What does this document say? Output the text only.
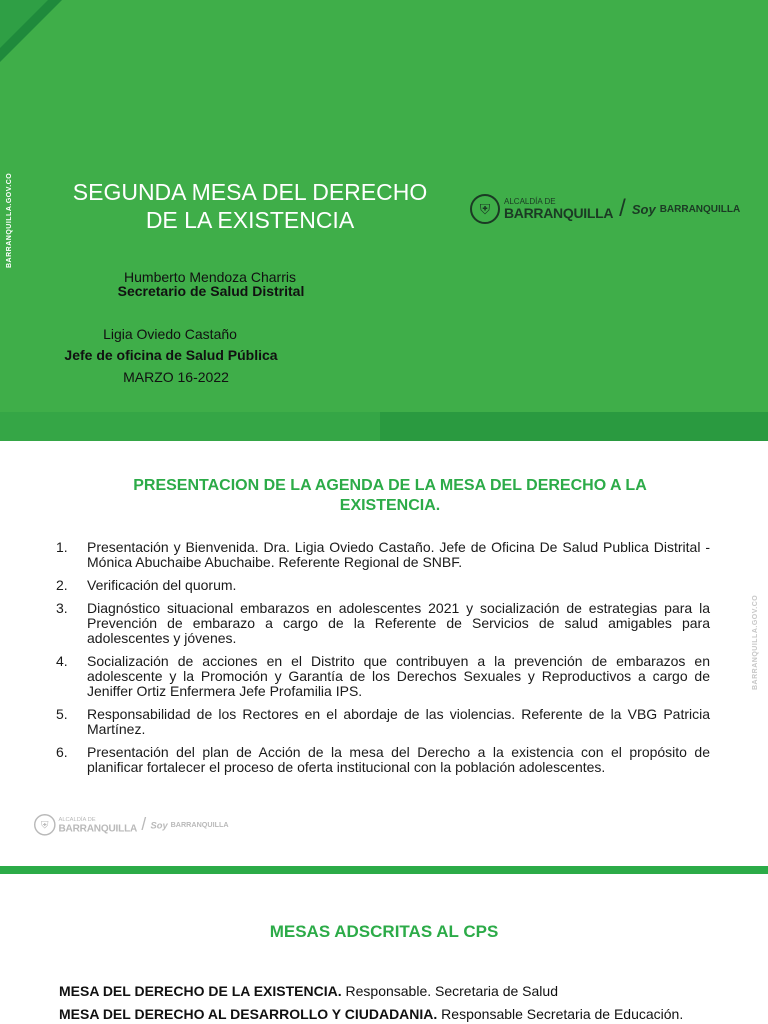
BARRANQUILLA.GOV.CO	SEGUNDA MESA DEL DERECHO
DE LA EXISTENCIA
Humberto Mendoza Charris
Secretario de Salud Distrital
Ligia Oviedo Castaño
Jefe de oficina de Salud Pública
MARZO 16-2022
⛨	ALCALDÍA DE
BARRANQUILLA / Soy BARRANQUILLA
PRESENTACION DE LA AGENDA DE LA MESA DEL DERECHO A LA
EXISTENCIA.
1.	Presentación y Bienvenida. Dra. Ligia Oviedo Castaño. Jefe de Oficina De Salud Publica Distrital -Mónica Abuchaibe Abuchaibe. Referente Regional de SNBF.
2.	Verificación del quorum.
3.	Diagnóstico situacional embarazos en adolescentes 2021 y socialización de estrategias para la Prevención de embarazo a cargo de la Referente de Servicios de salud amigables para adolescentes y jóvenes.
4.	Socialización de acciones en el Distrito que contribuyen a la prevención de embarazos en adolescente y la Promoción y Garantía de los Derechos Sexuales y Reproductivos a cargo de Jeniffer Ortiz Enfermera Jefe Profamilia IPS.
5.	Responsabilidad de los Rectores en el abordaje de las violencias. Referente de la VBG Patricia Martínez.
6.	Presentación del plan de Acción de la mesa del Derecho a la existencia con el propósito de planificar fortalecer el proceso de oferta institucional con la población adolescentes.
BARRANQUILLA.GOV.CO
⛨	ALCALDÍA DE
BARRANQUILLA / Soy BARRANQUILLA
MESAS ADSCRITAS AL CPS
MESA DEL DERECHO DE LA EXISTENCIA. Responsable. Secretaria de Salud
MESA DEL DERECHO AL DESARROLLO Y CIUDADANIA. Responsable Secretaria de Educación.
